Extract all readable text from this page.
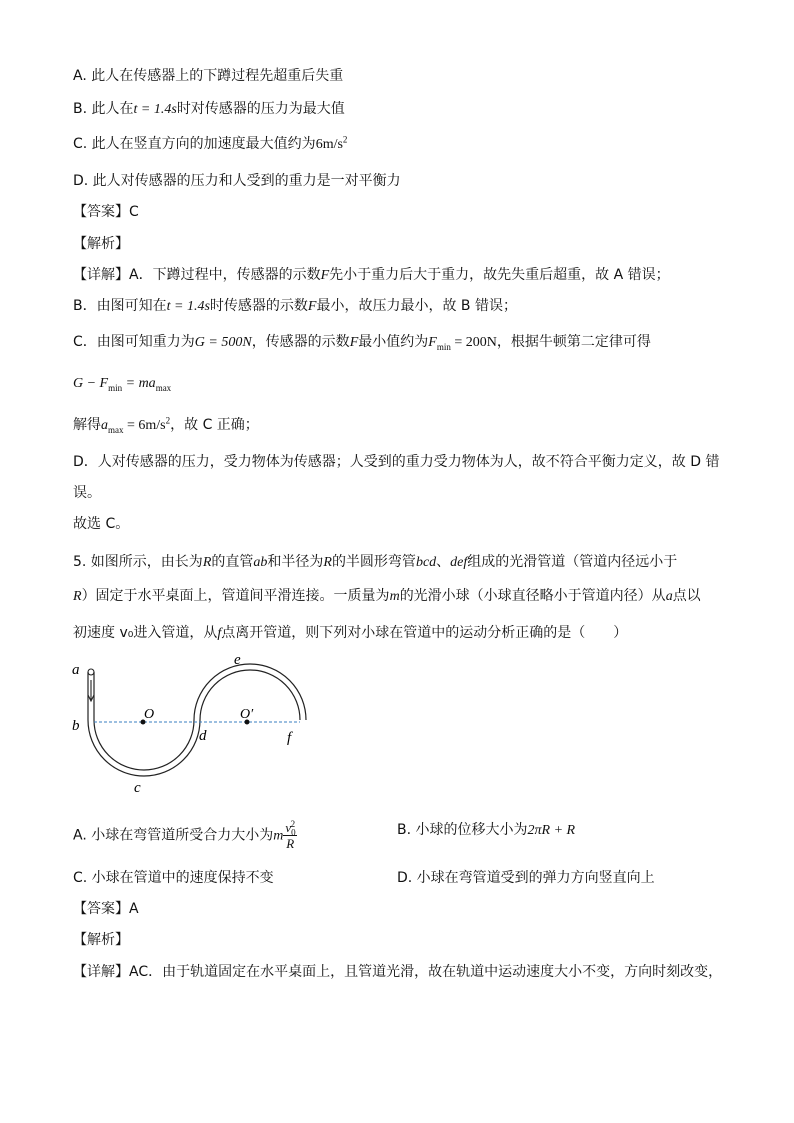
A. 此人在传感器上的下蹲过程先超重后失重
B. 此人在t = 1.4s时对传感器的压力为最大值
C. 此人在竖直方向的加速度最大值约为$6m/s^2$
D. 此人对传感器的压力和人受到的重力是一对平衡力
【答案】C
【解析】
【详解】A．下蹲过程中，传感器的示数F先小于重力后大于重力，故先失重后超重，故 A 错误；
B．由图可知在t = 1.4s时传感器的示数F最小，故压力最小，故 B 错误；
C．由图可知重力为G = 500N，传感器的示数F最小值约为$F_{min} = 200N$，根据牛顿第二定律可得
$G - F_{min} = ma_{max}$
解得$a_{max} = 6m/s^2$，故 C 正确；
D．人对传感器的压力，受力物体为传感器；人受到的重力受力物体为人，故不符合平衡力定义，故 D 错
误。
故选 C。
5. 如图所示，由长为R的直管ab和半径为R的半圆形弯管bcd、def组成的光滑管道（管道内径远小于
R）固定于水平桌面上，管道间平滑连接。一质量为m的光滑小球（小球直径略小于管道内径）从a点以
初速度 v₀进入管道，从f点离开管道，则下列对小球在管道中的运动分析正确的是（　　）
a
b
c
d
e
f
O	O′
A. 小球在弯管道所受合力大小为m $\frac{v_0^2}{R}$	B. 小球的位移大小为2πR + R
C. 小球在管道中的速度保持不变	D. 小球在弯管道受到的弹力方向竖直向上
【答案】A
【解析】
【详解】AC．由于轨道固定在水平桌面上，且管道光滑，故在轨道中运动速度大小不变，方向时刻改变，
